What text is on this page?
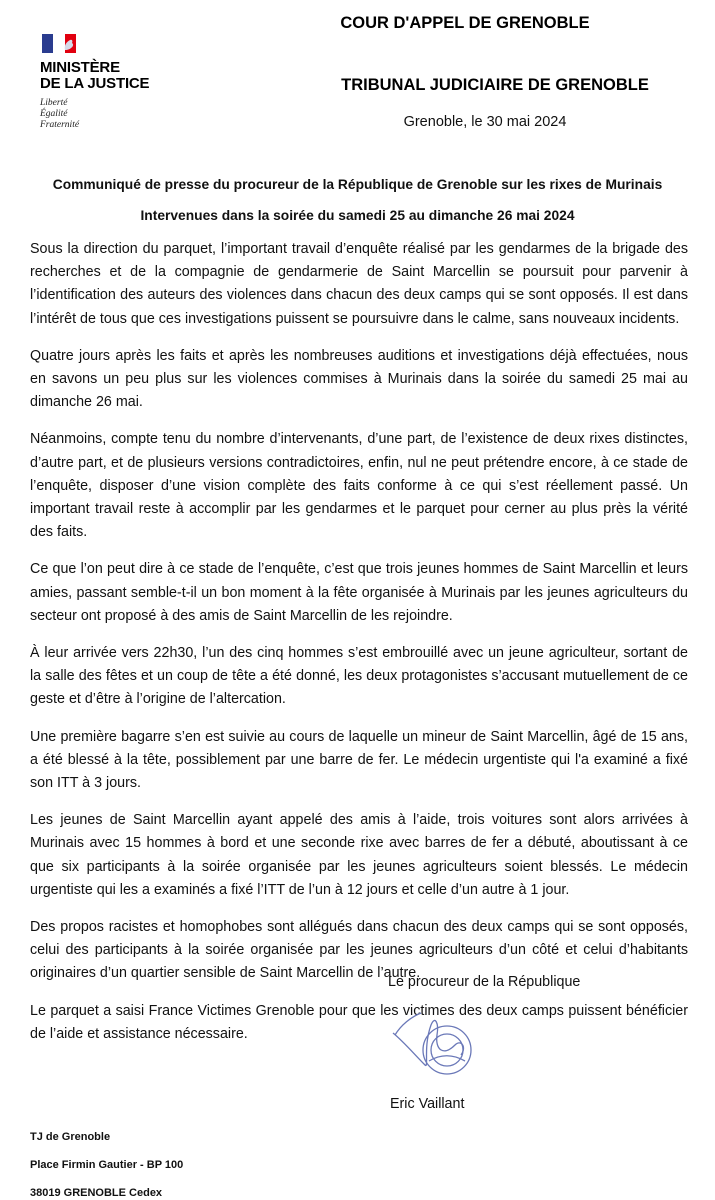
MINISTÈRE
DE LA JUSTICE
Liberté
Égalité
Fraternité
COUR D'APPEL DE GRENOBLE
TRIBUNAL JUDICIAIRE DE GRENOBLE
Grenoble, le 30 mai 2024
Communiqué de presse du procureur de la République de Grenoble sur les rixes de Murinais
Intervenues dans la soirée du samedi 25 au dimanche 26 mai 2024

Sous la direction du parquet, l’important travail d’enquête réalisé par les gendarmes de la brigade des recherches et de la compagnie de gendarmerie de Saint Marcellin se poursuit pour parvenir à l’identification des auteurs des violences dans chacun des deux camps qui se sont opposés. Il est dans l’intérêt de tous que ces investigations puissent se poursuivre dans le calme, sans nouveaux incidents.

Quatre jours après les faits et après les nombreuses auditions et investigations déjà effectuées, nous en savons un peu plus sur les violences commises à Murinais dans la soirée du samedi 25 mai au dimanche 26 mai.

Néanmoins, compte tenu du nombre d’intervenants, d’une part, de l’existence de deux rixes distinctes, d’autre part, et de plusieurs versions contradictoires, enfin, nul ne peut prétendre encore, à ce stade de l’enquête, disposer d’une vision complète des faits conforme à ce qui s’est réellement passé. Un important travail reste à accomplir par les gendarmes et le parquet pour cerner au plus près la vérité des faits.

Ce que l’on peut dire à ce stade de l’enquête, c’est que trois jeunes hommes de Saint Marcellin et leurs amies, passant semble-t-il un bon moment à la fête organisée à Murinais par les jeunes agriculteurs du secteur ont proposé à des amis de Saint Marcellin de les rejoindre.

À leur arrivée vers 22h30, l’un des cinq hommes s’est embrouillé avec un jeune agriculteur, sortant de la salle des fêtes et un coup de tête a été donné, les deux protagonistes s’accusant mutuellement de ce geste et d’être à l’origine de l’altercation.

Une première bagarre s’en est suivie au cours de laquelle un mineur de Saint Marcellin, âgé de 15 ans, a été blessé à la tête, possiblement par une barre de fer. Le médecin urgentiste qui l'a examiné a fixé son ITT à 3 jours.

Les jeunes de Saint Marcellin ayant appelé des amis à l’aide, trois voitures sont alors arrivées à Murinais avec 15 hommes à bord et une seconde rixe avec barres de fer a débuté, aboutissant à ce que six participants à la soirée organisée par les jeunes agriculteurs soient blessés. Le médecin urgentiste qui les a examinés a fixé l’ITT de l’un à 12 jours et celle d’un autre à 1 jour.

Des propos racistes et homophobes sont allégués dans chacun des deux camps qui se sont opposés, celui des participants à la soirée organisée par les jeunes agriculteurs d’un côté et celui d’habitants originaires d’un quartier sensible de Saint Marcellin de l’autre.

Le parquet a saisi France Victimes Grenoble pour que les victimes des deux camps puissent bénéficier de l’aide et assistance nécessaire.

Le procureur de la République
Eric Vaillant
TJ de Grenoble
Place Firmin Gautier - BP 100
38019 GRENOBLE Cedex
